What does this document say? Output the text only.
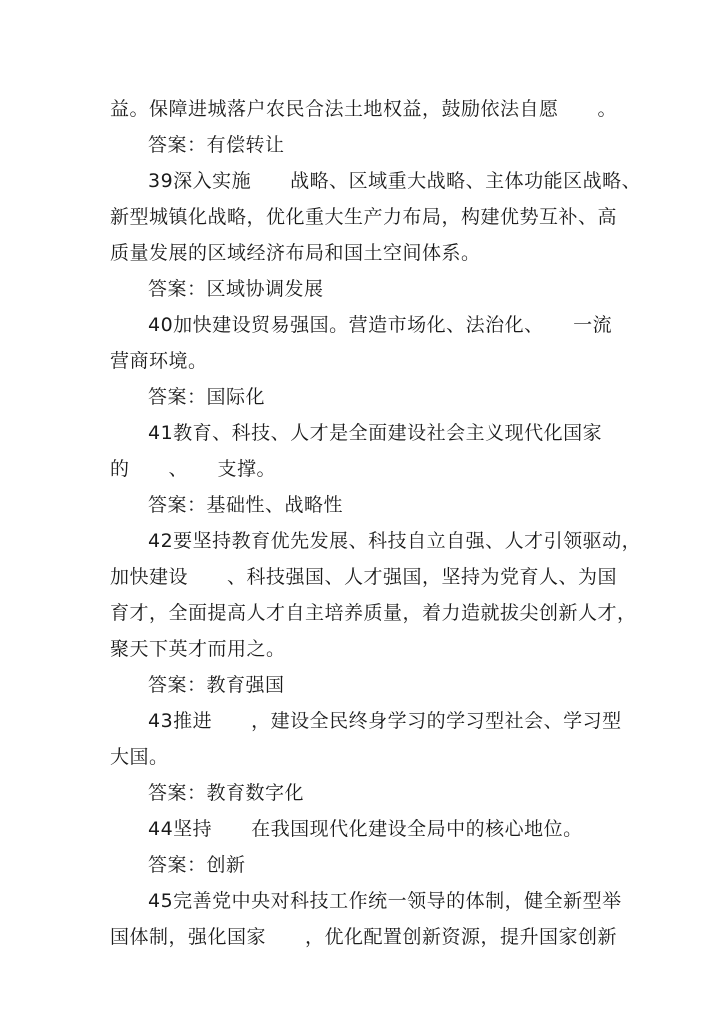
益。保障进城落户农民合法土地权益，鼓励依法自愿　　。
答案：有偿转让
39深入实施　　战略、区域重大战略、主体功能区战略、
新型城镇化战略，优化重大生产力布局，构建优势互补、高
质量发展的区域经济布局和国土空间体系。
答案：区域协调发展
40加快建设贸易强国。营造市场化、法治化、　　一流
营商环境。
答案：国际化
41教育、科技、人才是全面建设社会主义现代化国家
的　　、　　支撑。
答案：基础性、战略性
42要坚持教育优先发展、科技自立自强、人才引领驱动，
加快建设　　、科技强国、人才强国，坚持为党育人、为国
育才，全面提高人才自主培养质量，着力造就拔尖创新人才，
聚天下英才而用之。
答案：教育强国
43推进　　，建设全民终身学习的学习型社会、学习型
大国。
答案：教育数字化
44坚持　　在我国现代化建设全局中的核心地位。
答案：创新
45完善党中央对科技工作统一领导的体制，健全新型举
国体制，强化国家　　，优化配置创新资源，提升国家创新
